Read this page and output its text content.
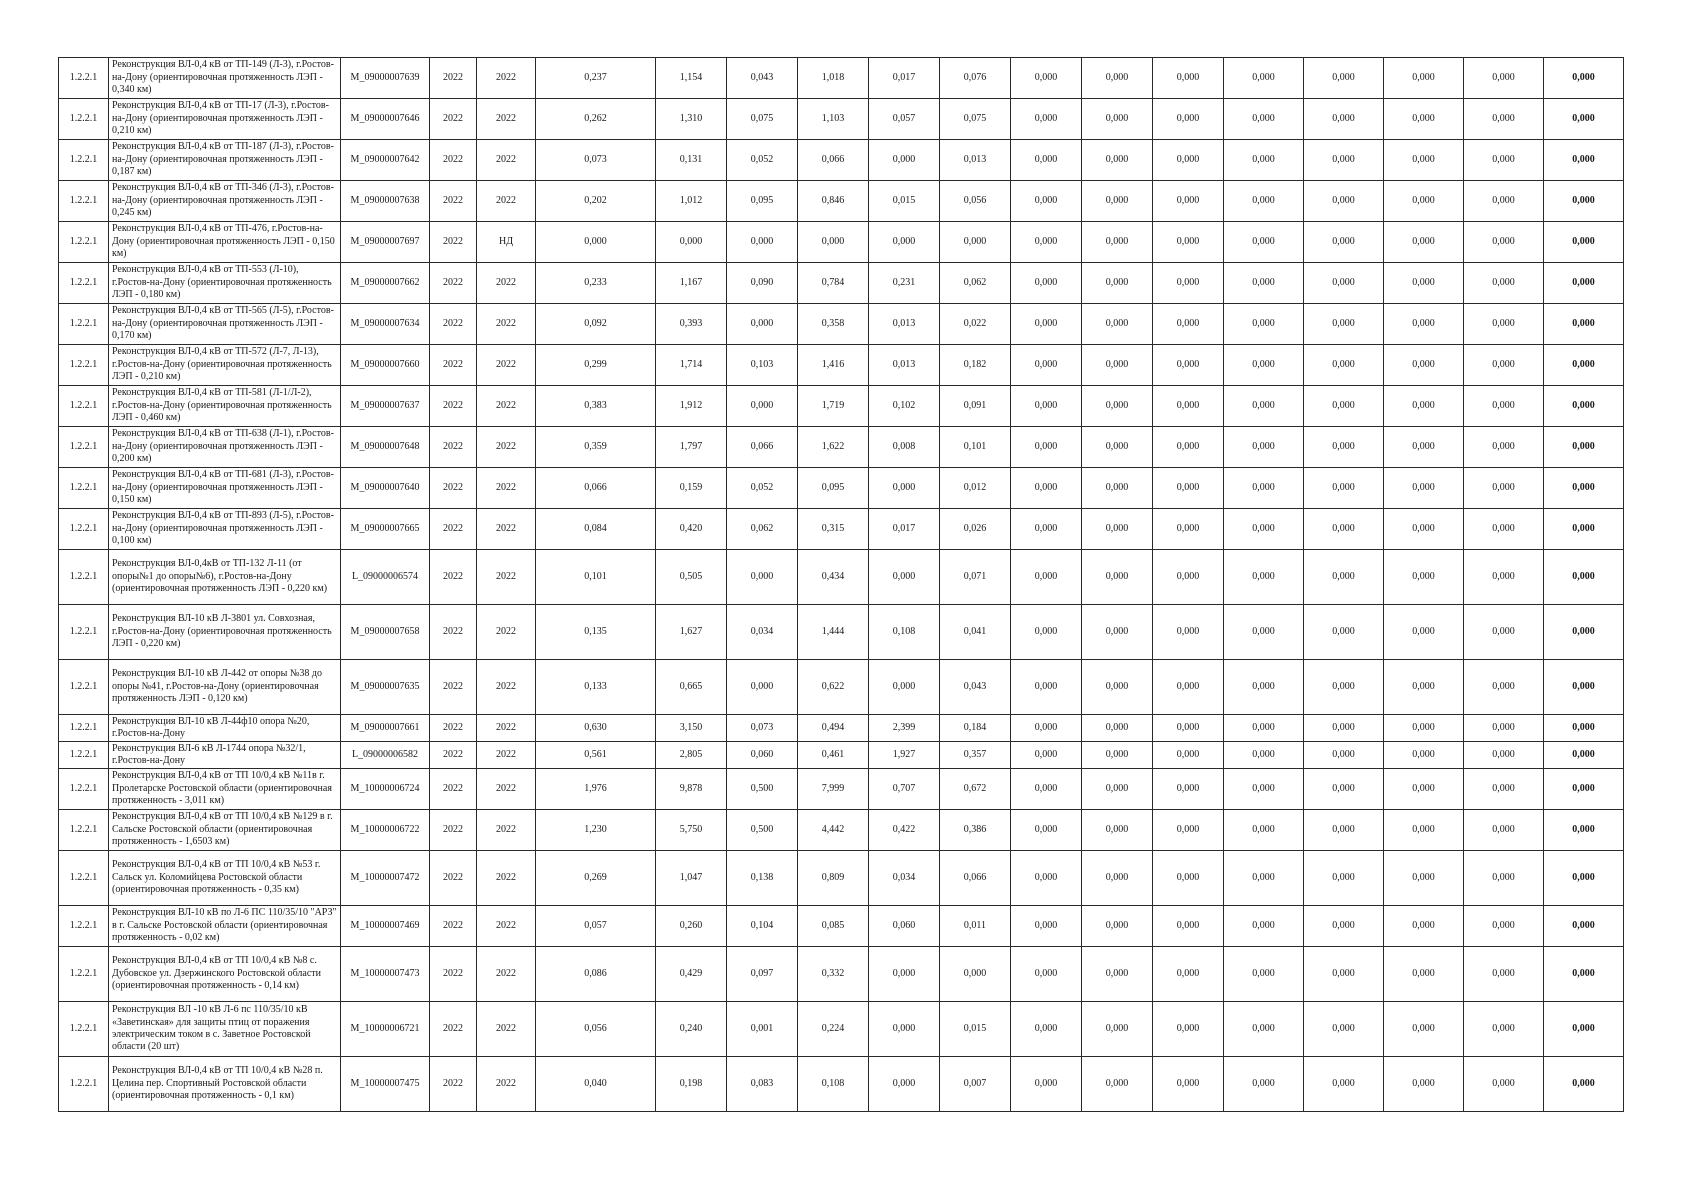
1.2.2.1	Реконструкция ВЛ-0,4 кВ от ТП-149 (Л-3), г.Ростов-на-Дону (ориентировочная протяженность ЛЭП - 0,340 км)	M_09000007639	2022	2022	0,237	1,154	0,043	1,018	0,017	0,076	0,000	0,000	0,000	0,000	0,000	0,000	0,000	0,000
1.2.2.1	Реконструкция ВЛ-0,4 кВ от ТП-17 (Л-3), г.Ростов-на-Дону (ориентировочная протяженность ЛЭП - 0,210 км)	M_09000007646	2022	2022	0,262	1,310	0,075	1,103	0,057	0,075	0,000	0,000	0,000	0,000	0,000	0,000	0,000	0,000
1.2.2.1	Реконструкция ВЛ-0,4 кВ от ТП-187 (Л-3), г.Ростов-на-Дону (ориентировочная протяженность ЛЭП - 0,187 км)	M_09000007642	2022	2022	0,073	0,131	0,052	0,066	0,000	0,013	0,000	0,000	0,000	0,000	0,000	0,000	0,000	0,000
1.2.2.1	Реконструкция ВЛ-0,4 кВ от ТП-346 (Л-3), г.Ростов-на-Дону (ориентировочная протяженность ЛЭП - 0,245 км)	M_09000007638	2022	2022	0,202	1,012	0,095	0,846	0,015	0,056	0,000	0,000	0,000	0,000	0,000	0,000	0,000	0,000
1.2.2.1	Реконструкция ВЛ-0,4 кВ от ТП-476, г.Ростов-на-Дону (ориентировочная протяженность ЛЭП - 0,150 км)	M_09000007697	2022	НД	0,000	0,000	0,000	0,000	0,000	0,000	0,000	0,000	0,000	0,000	0,000	0,000	0,000	0,000
1.2.2.1	Реконструкция ВЛ-0,4 кВ от ТП-553 (Л-10), г.Ростов-на-Дону (ориентировочная протяженность ЛЭП - 0,180 км)	M_09000007662	2022	2022	0,233	1,167	0,090	0,784	0,231	0,062	0,000	0,000	0,000	0,000	0,000	0,000	0,000	0,000
1.2.2.1	Реконструкция ВЛ-0,4 кВ от ТП-565 (Л-5), г.Ростов-на-Дону (ориентировочная протяженность ЛЭП - 0,170 км)	M_09000007634	2022	2022	0,092	0,393	0,000	0,358	0,013	0,022	0,000	0,000	0,000	0,000	0,000	0,000	0,000	0,000
1.2.2.1	Реконструкция ВЛ-0,4 кВ от ТП-572 (Л-7, Л-13), г.Ростов-на-Дону (ориентировочная протяженность ЛЭП - 0,210 км)	M_09000007660	2022	2022	0,299	1,714	0,103	1,416	0,013	0,182	0,000	0,000	0,000	0,000	0,000	0,000	0,000	0,000
1.2.2.1	Реконструкция ВЛ-0,4 кВ от ТП-581 (Л-1/Л-2), г.Ростов-на-Дону (ориентировочная протяженность ЛЭП - 0,460 км)	M_09000007637	2022	2022	0,383	1,912	0,000	1,719	0,102	0,091	0,000	0,000	0,000	0,000	0,000	0,000	0,000	0,000
1.2.2.1	Реконструкция ВЛ-0,4 кВ от ТП-638 (Л-1), г.Ростов-на-Дону (ориентировочная протяженность ЛЭП - 0,200 км)	M_09000007648	2022	2022	0,359	1,797	0,066	1,622	0,008	0,101	0,000	0,000	0,000	0,000	0,000	0,000	0,000	0,000
1.2.2.1	Реконструкция ВЛ-0,4 кВ от ТП-681 (Л-3), г.Ростов-на-Дону (ориентировочная протяженность ЛЭП - 0,150 км)	M_09000007640	2022	2022	0,066	0,159	0,052	0,095	0,000	0,012	0,000	0,000	0,000	0,000	0,000	0,000	0,000	0,000
1.2.2.1	Реконструкция ВЛ-0,4 кВ от ТП-893 (Л-5), г.Ростов-на-Дону (ориентировочная протяженность ЛЭП - 0,100 км)	M_09000007665	2022	2022	0,084	0,420	0,062	0,315	0,017	0,026	0,000	0,000	0,000	0,000	0,000	0,000	0,000	0,000
1.2.2.1	Реконструкция ВЛ-0,4кВ от ТП-132 Л-11 (от опоры№1 до опоры№6), г.Ростов-на-Дону (ориентировочная протяженность ЛЭП - 0,220 км)	L_09000006574	2022	2022	0,101	0,505	0,000	0,434	0,000	0,071	0,000	0,000	0,000	0,000	0,000	0,000	0,000	0,000
1.2.2.1	Реконструкция ВЛ-10 кВ Л-3801 ул. Совхозная, г.Ростов-на-Дону (ориентировочная протяженность ЛЭП - 0,220 км)	M_09000007658	2022	2022	0,135	1,627	0,034	1,444	0,108	0,041	0,000	0,000	0,000	0,000	0,000	0,000	0,000	0,000
1.2.2.1	Реконструкция ВЛ-10 кВ Л-442 от опоры №38 до опоры №41, г.Ростов-на-Дону (ориентировочная протяженность ЛЭП - 0,120 км)	M_09000007635	2022	2022	0,133	0,665	0,000	0,622	0,000	0,043	0,000	0,000	0,000	0,000	0,000	0,000	0,000	0,000
1.2.2.1	Реконструкция ВЛ-10 кВ Л-44ф10 опора №20, г.Ростов-на-Дону	M_09000007661	2022	2022	0,630	3,150	0,073	0,494	2,399	0,184	0,000	0,000	0,000	0,000	0,000	0,000	0,000	0,000
1.2.2.1	Реконструкция ВЛ-6 кВ Л-1744 опора №32/1, г.Ростов-на-Дону	L_09000006582	2022	2022	0,561	2,805	0,060	0,461	1,927	0,357	0,000	0,000	0,000	0,000	0,000	0,000	0,000	0,000
1.2.2.1	Реконструкция ВЛ-0,4 кВ от ТП 10/0,4 кВ №11в г. Пролетарске Ростовской области (ориентировочная протяженность - 3,011 км)	M_10000006724	2022	2022	1,976	9,878	0,500	7,999	0,707	0,672	0,000	0,000	0,000	0,000	0,000	0,000	0,000	0,000
1.2.2.1	Реконструкция ВЛ-0,4 кВ от ТП 10/0,4 кВ №129 в г. Сальске Ростовской области (ориентировочная протяженность - 1,6503 км)	M_10000006722	2022	2022	1,230	5,750	0,500	4,442	0,422	0,386	0,000	0,000	0,000	0,000	0,000	0,000	0,000	0,000
1.2.2.1	Реконструкция ВЛ-0,4 кВ от ТП 10/0,4 кВ №53 г. Сальск ул. Коломийцева Ростовской области (ориентировочная протяженность - 0,35 км)	M_10000007472	2022	2022	0,269	1,047	0,138	0,809	0,034	0,066	0,000	0,000	0,000	0,000	0,000	0,000	0,000	0,000
1.2.2.1	Реконструкция ВЛ-10 кВ по Л-6 ПС 110/35/10 "АРЗ" в г. Сальске Ростовской области (ориентировочная протяженность - 0,02 км)	M_10000007469	2022	2022	0,057	0,260	0,104	0,085	0,060	0,011	0,000	0,000	0,000	0,000	0,000	0,000	0,000	0,000
1.2.2.1	Реконструкция ВЛ-0,4 кВ от ТП 10/0,4 кВ №8 с. Дубовское ул. Дзержинского Ростовской области (ориентировочная протяженность - 0,14 км)	M_10000007473	2022	2022	0,086	0,429	0,097	0,332	0,000	0,000	0,000	0,000	0,000	0,000	0,000	0,000	0,000	0,000
1.2.2.1	Реконструкция ВЛ -10 кВ Л-6 пс 110/35/10 кВ «Заветинская» для защиты птиц от поражения электрическим током в с. Заветное Ростовской области (20 шт)	M_10000006721	2022	2022	0,056	0,240	0,001	0,224	0,000	0,015	0,000	0,000	0,000	0,000	0,000	0,000	0,000	0,000
1.2.2.1	Реконструкция ВЛ-0,4 кВ от ТП 10/0,4 кВ №28 п. Целина пер. Спортивный Ростовской области (ориентировочная протяженность - 0,1 км)	M_10000007475	2022	2022	0,040	0,198	0,083	0,108	0,000	0,007	0,000	0,000	0,000	0,000	0,000	0,000	0,000	0,000
